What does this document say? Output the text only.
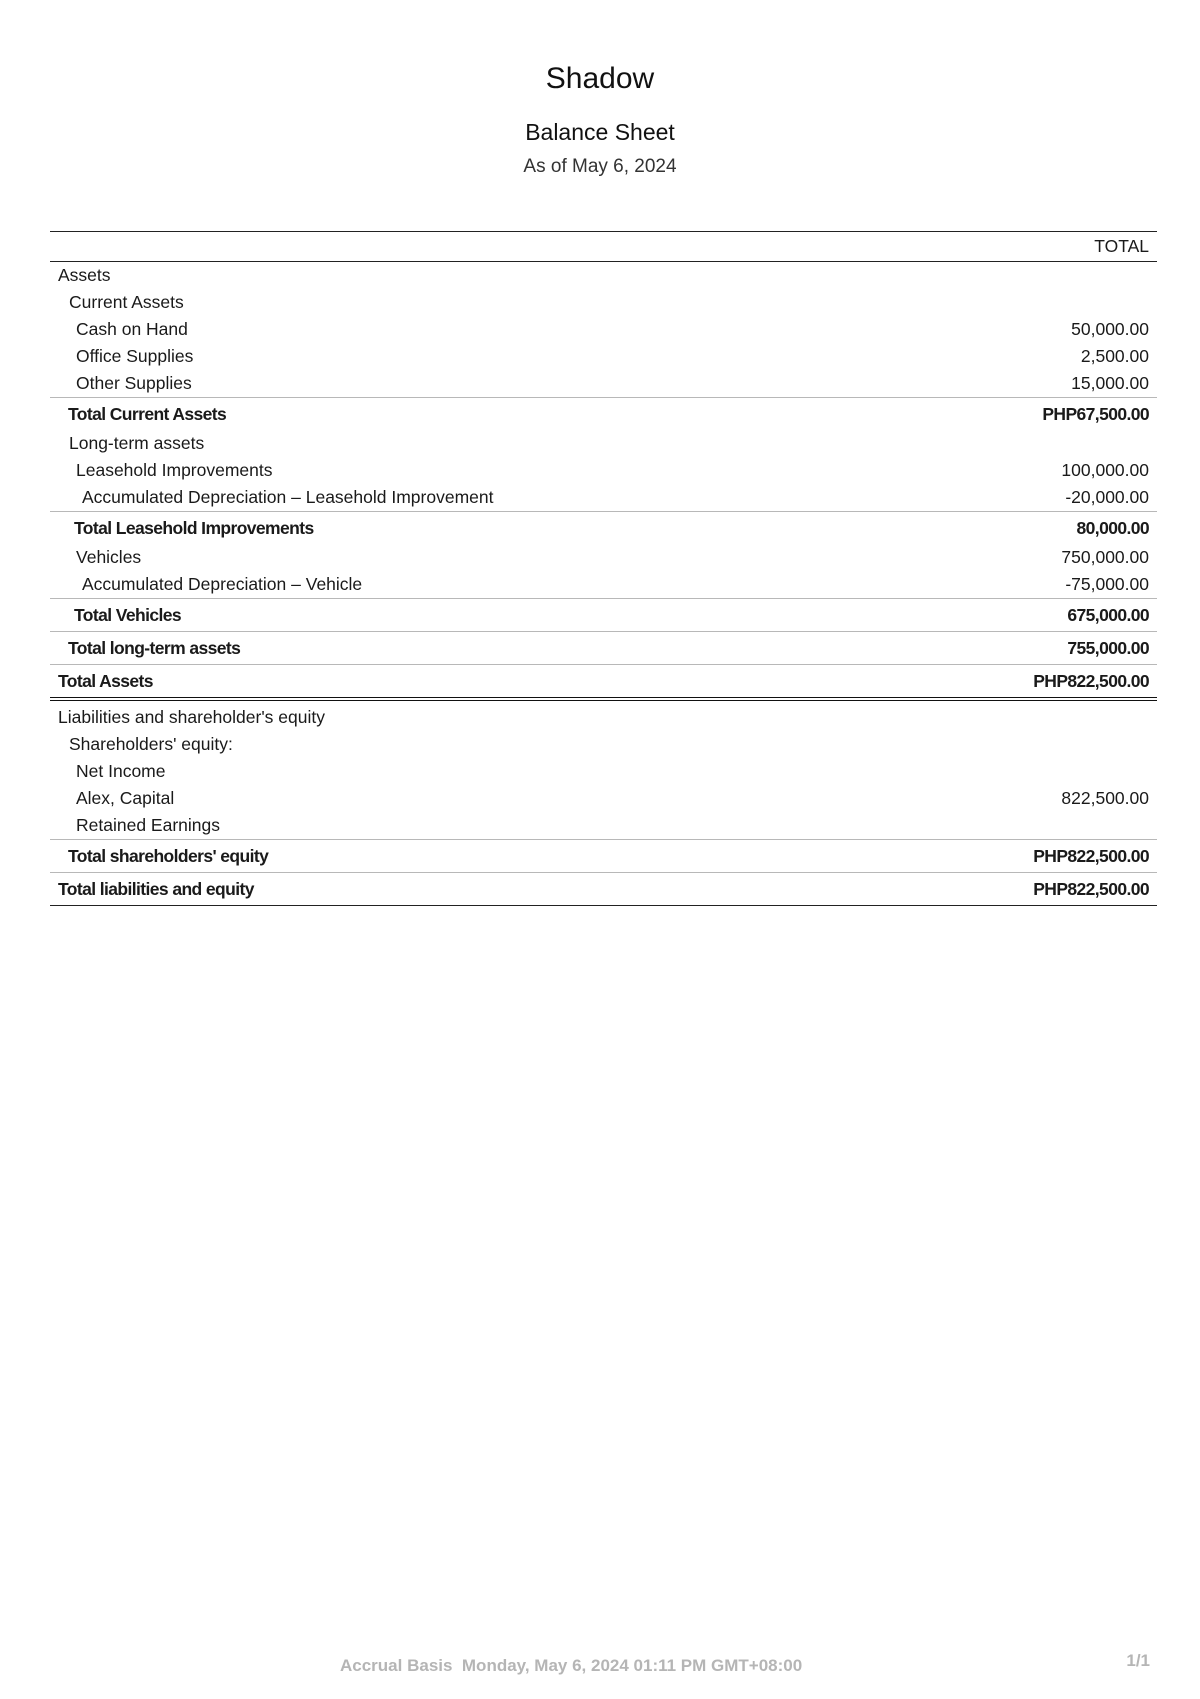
Shadow
Balance Sheet
As of May 6, 2024
TOTAL
Assets
Current Assets
Cash on Hand	50,000.00
Office Supplies	2,500.00
Other Supplies	15,000.00
Total Current Assets	PHP67,500.00
Long-term assets
Leasehold Improvements	100,000.00
Accumulated Depreciation – Leasehold Improvement	-20,000.00
Total Leasehold Improvements	80,000.00
Vehicles	750,000.00
Accumulated Depreciation – Vehicle	-75,000.00
Total Vehicles	675,000.00
Total long-term assets	755,000.00
Total Assets	PHP822,500.00
Liabilities and shareholder's equity
Shareholders' equity:
Net Income
Alex, Capital	822,500.00
Retained Earnings
Total shareholders' equity	PHP822,500.00
Total liabilities and equity	PHP822,500.00
Accrual Basis  Monday, May 6, 2024 01:11 PM GMT+08:00	1/1
